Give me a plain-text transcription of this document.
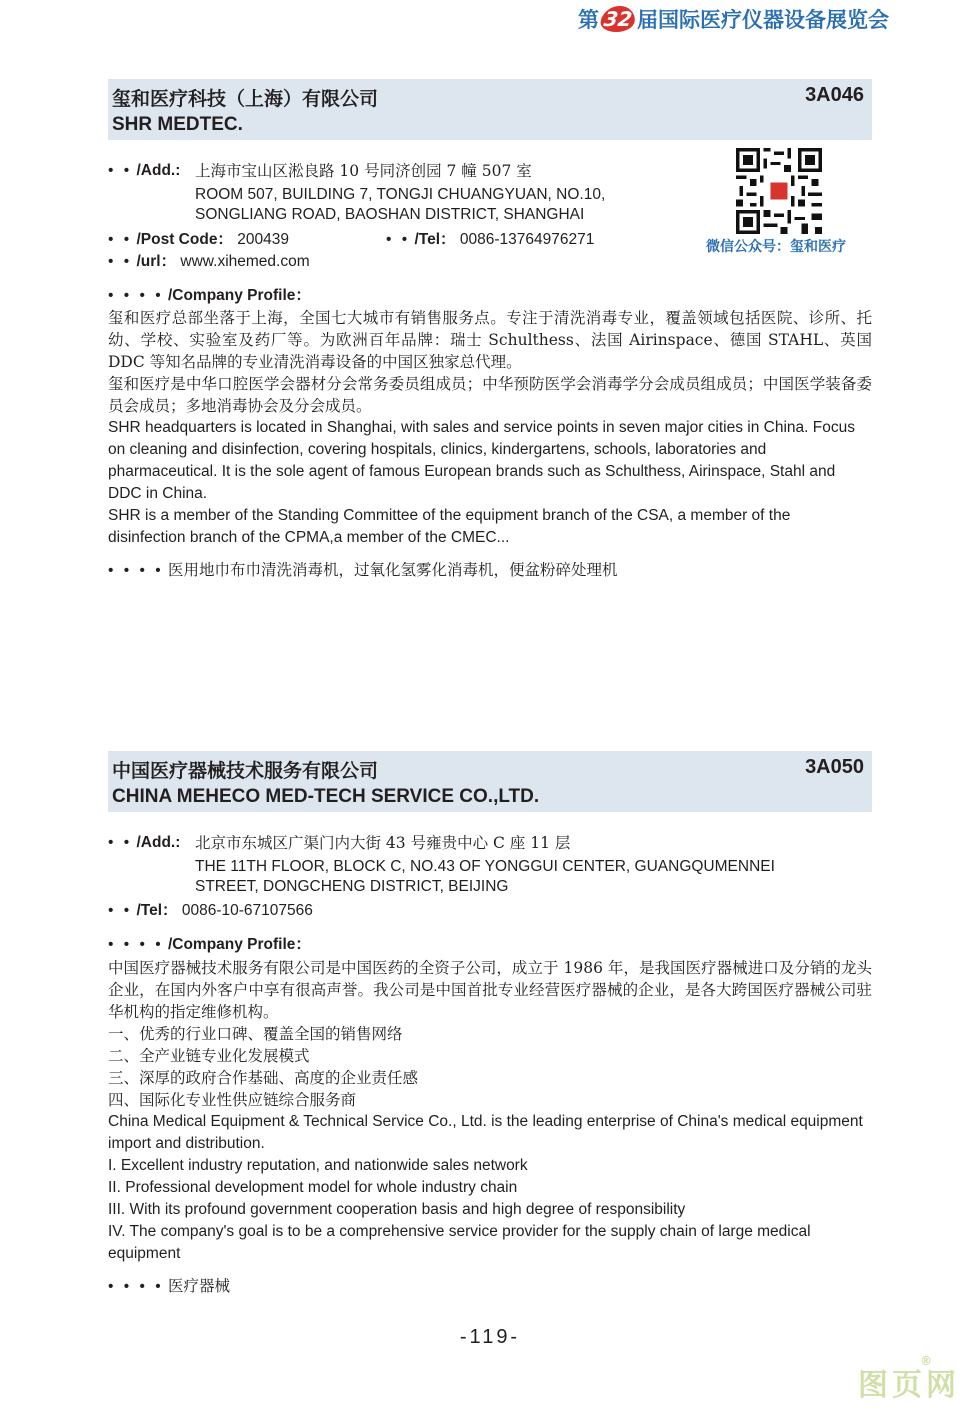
第 32 届国际医疗仪器设备展览会
玺和医疗科技（上海）有限公司
SHR MEDTEC.
3A046
• • /Add.: 上海市宝山区淞良路 10 号同济创园 7 幢 507 室
ROOM 507, BUILDING 7, TONGJI CHUANGYUAN, NO.10,
SONGLIANG ROAD, BAOSHAN DISTRICT, SHANGHAI
• • /Post Code： 200439	• • /Tel： 0086-13764976271
• • /url： www.xihemed.com
微信公众号：玺和医疗
• • • • /Company Profile：
玺和医疗总部坐落于上海，全国七大城市有销售服务点。专注于清洗消毒专业，覆盖领域包括医院、诊所、托幼、学校、实验室及药厂等。为欧洲百年品牌：瑞士 Schulthess、法国 Airinspace、德国 STAHL、英国 DDC 等知名品牌的专业清洗消毒设备的中国区独家总代理。
玺和医疗是中华口腔医学会器材分会常务委员组成员；中华预防医学会消毒学分会成员组成员；中国医学装备委员会成员；多地消毒协会及分会成员。
SHR headquarters is located in Shanghai, with sales and service points in seven major cities in China. Focus on cleaning and disinfection, covering hospitals, clinics, kindergartens, schools, laboratories and pharmaceutical. It is the sole agent of famous European brands such as Schulthess, Airinspace, Stahl and DDC in China.
SHR is a member of the Standing Committee of the equipment branch of the CSA, a member of the disinfection branch of the CPMA,a member of the CMEC...
• • • • 医用地巾布巾清洗消毒机，过氧化氢雾化消毒机，便盆粉碎处理机
中国医疗器械技术服务有限公司
CHINA MEHECO MED-TECH SERVICE CO.,LTD.
3A050
• • /Add.: 北京市东城区广渠门内大街 43 号雍贵中心 C 座 11 层
THE 11TH FLOOR, BLOCK C, NO.43 OF YONGGUI CENTER, GUANGQUMENNEI
STREET, DONGCHENG DISTRICT, BEIJING
• • /Tel： 0086-10-67107566
• • • • /Company Profile：
中国医疗器械技术服务有限公司是中国医药的全资子公司，成立于 1986 年，是我国医疗器械进口及分销的龙头企业，在国内外客户中享有很高声誉。我公司是中国首批专业经营医疗器械的企业，是各大跨国医疗器械公司驻华机构的指定维修机构。
一、优秀的行业口碑、覆盖全国的销售网络
二、全产业链专业化发展模式
三、深厚的政府合作基础、高度的企业责任感
四、国际化专业性供应链综合服务商
China Medical Equipment & Technical Service Co., Ltd. is the leading enterprise of China's medical equipment import and distribution.
I. Excellent industry reputation, and nationwide sales network
II. Professional development model for whole industry chain
III. With its profound government cooperation basis and high degree of responsibility
IV. The company's goal is to be a comprehensive service provider for the supply chain of large medical equipment
• • • • 医疗器械
-119-
图页网
®
